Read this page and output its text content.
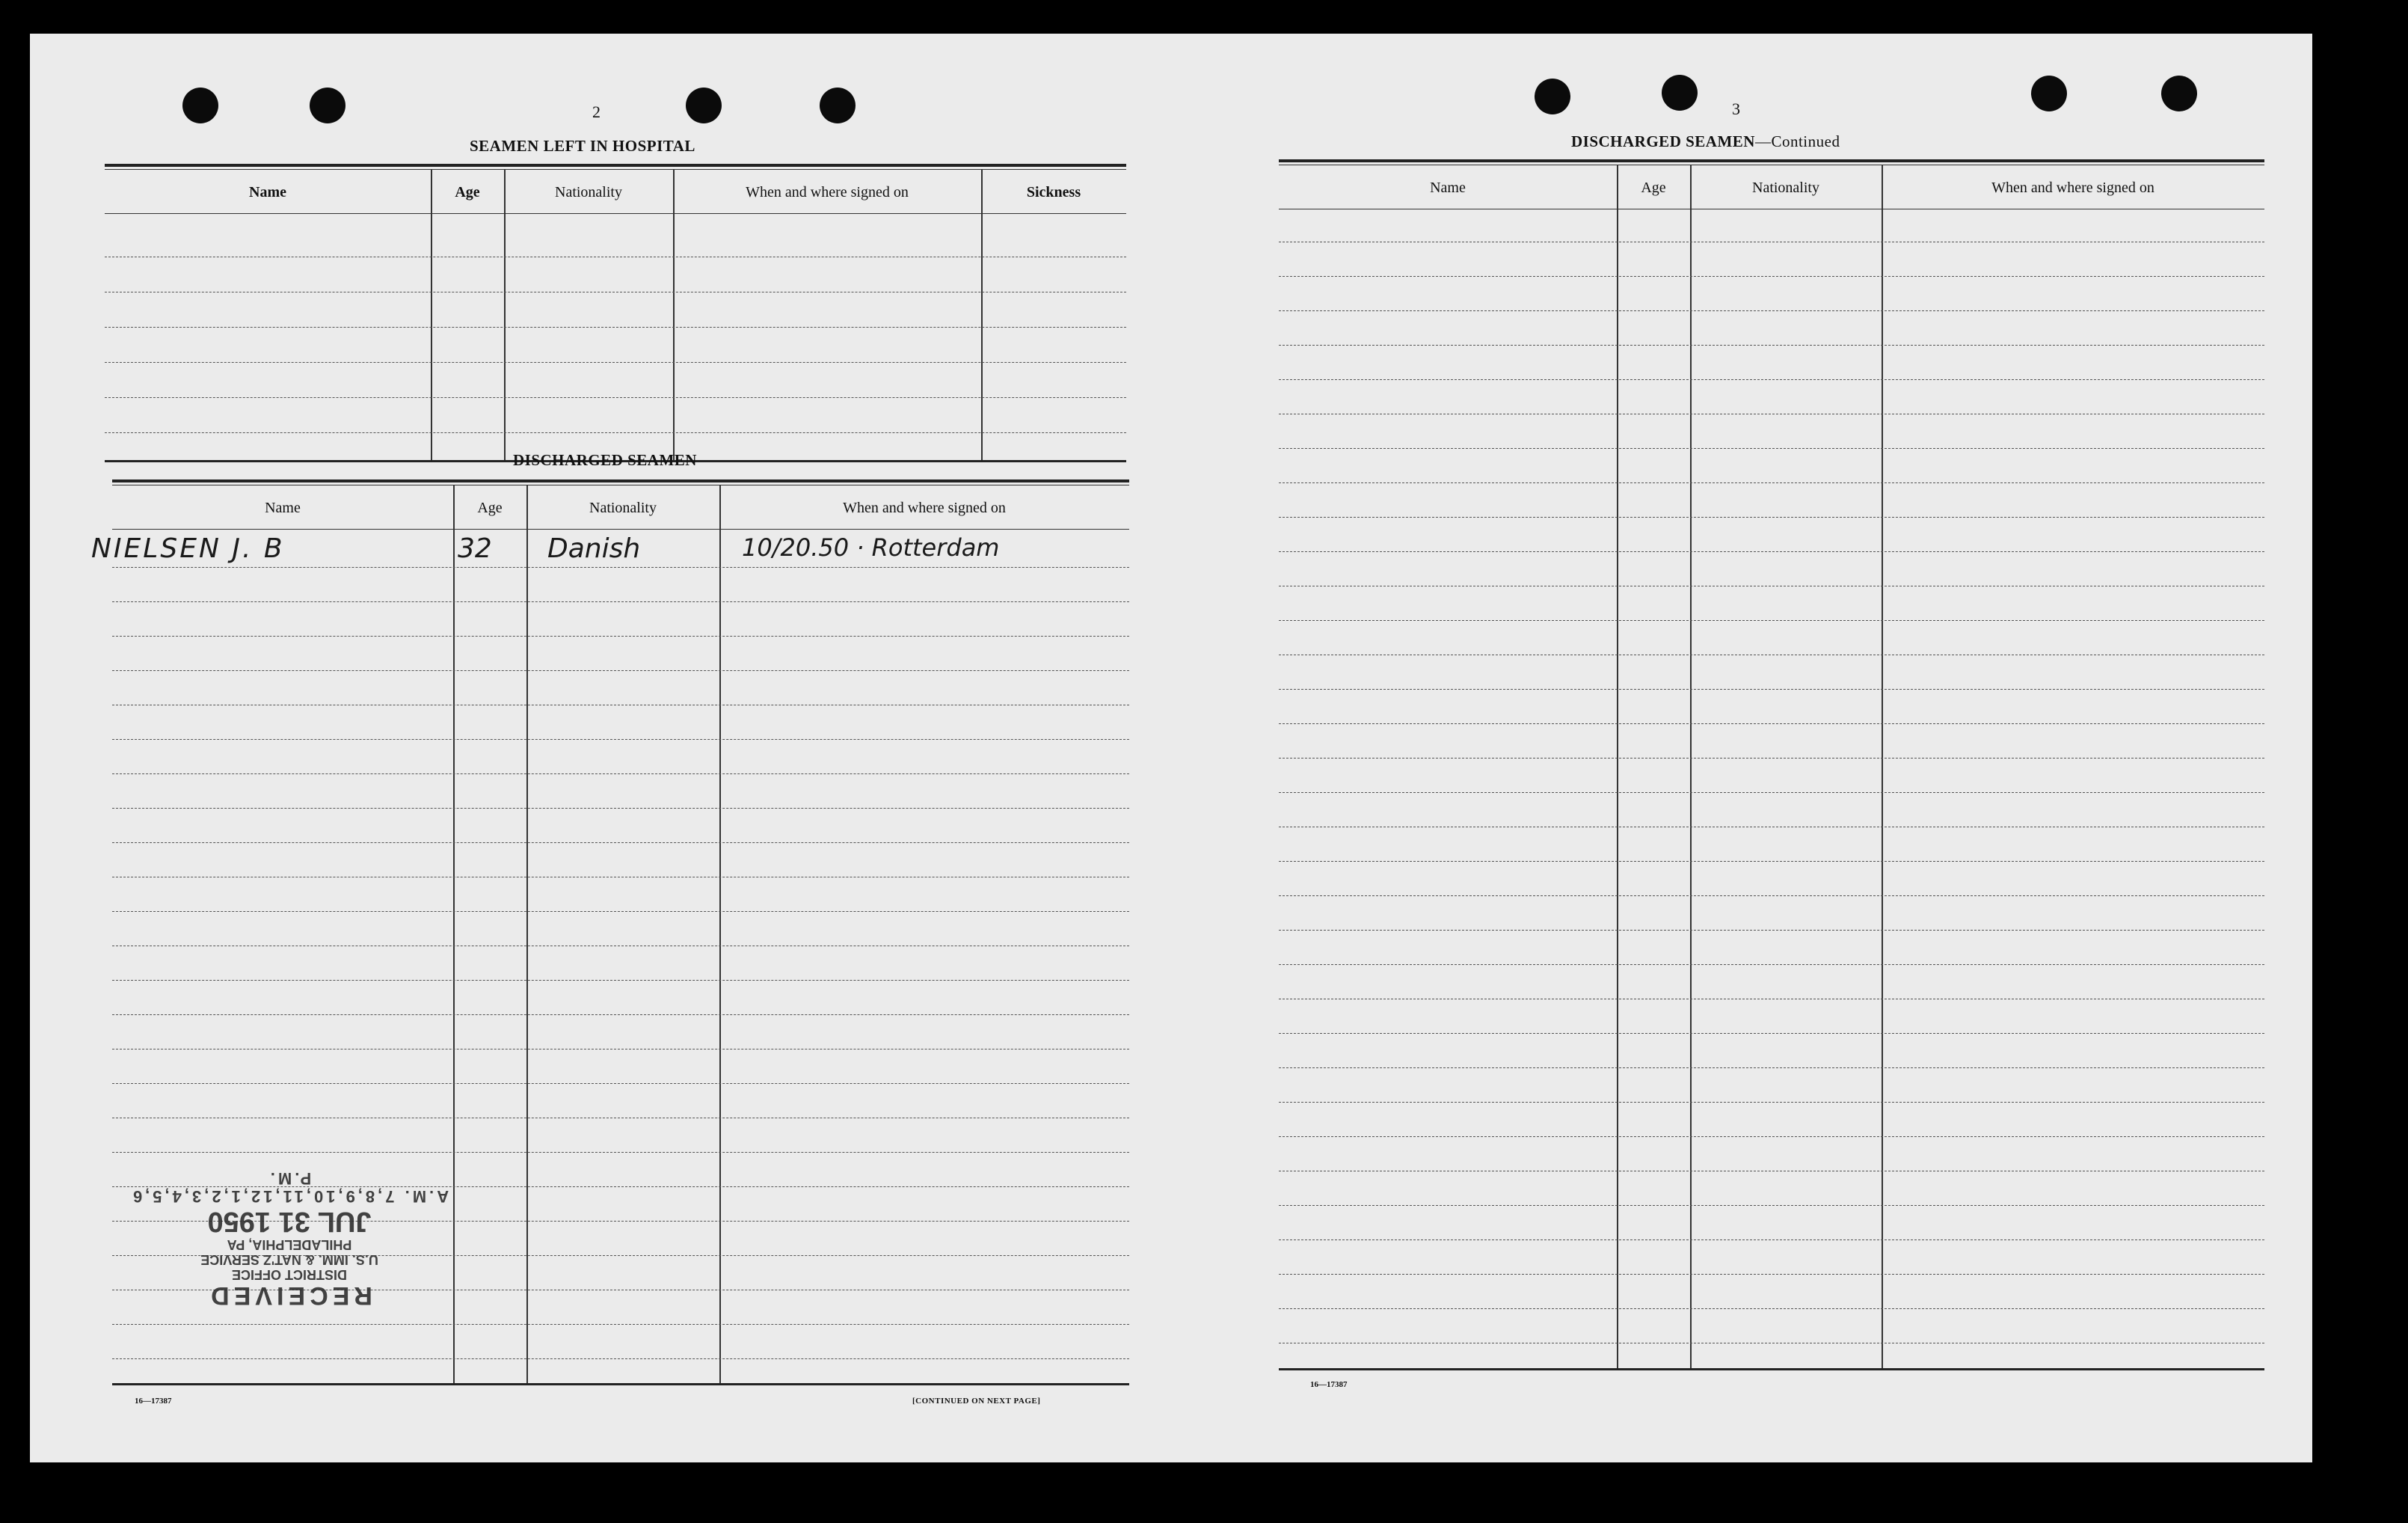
2
SEAMEN LEFT IN HOSPITAL
Name	Age	Nationality	When and where signed on	Sickness
DISCHARGED SEAMEN
Name	Age	Nationality	When and where signed on
NIELSEN J. B	32 Danish	10/20.50 · Rotterdam
RECEIVED
DISTRICT OFFICE
U.S. IMM. & NAT'Z SERVICE
PHILADELPHIA, PA
JUL 31 1950
A.M. 7,8,9,10,11,12,1,2,3,4,5,6 P.M.
16—17387	[CONTINUED ON NEXT PAGE]
3
DISCHARGED SEAMEN—Continued
Name	Age	Nationality	When and where signed on
16—17387
